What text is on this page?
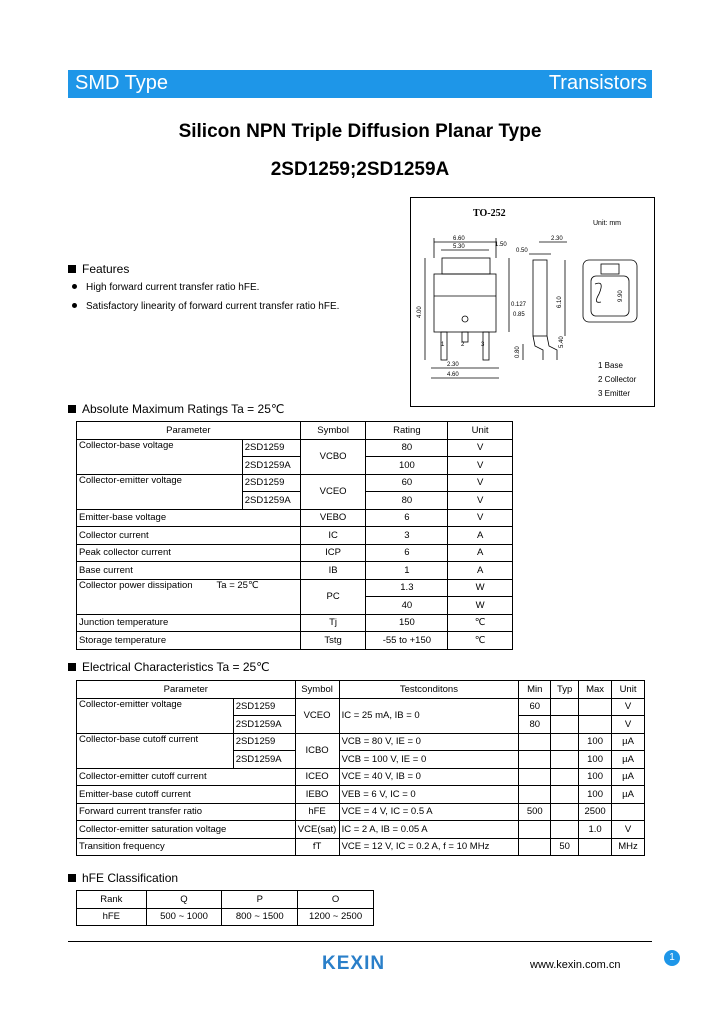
SMD Type	Transistors
Silicon NPN Triple Diffusion Planar Type
2SD1259;2SD1259A
TO-252
Unit: mm
6.60
5.30	1.50
2.30
0.50
6.10
4.00
0.127
0.85
2.30
4.60
0.80
5.40
9.90
1	2	3
1 Base
2 Collector
3 Emitter
Features
High forward current transfer ratio hFE.
Satisfactory linearity of forward current transfer ratio hFE.
Absolute Maximum Ratings Ta = 25℃
Parameter		Symbol	Rating	Unit
Collector-base voltage	2SD1259	VCBO	80	V
	2SD1259A		100	V
Collector-emitter voltage	2SD1259	VCEO	60	V
	2SD1259A		80	V
Emitter-base voltage		VEBO	6	V
Collector current		IC	3	A
Peak collector current		ICP	6	A
Base current		IB	1	A
Collector power dissipation Ta = 25℃		PC	1.3	W
			40	W
Junction temperature		Tj	150	℃
Storage temperature		Tstg	-55 to +150	℃
Electrical Characteristics Ta = 25℃
Parameter		Symbol	Testconditons	Min	Typ	Max	Unit
Collector-emitter voltage	2SD1259	VCEO	IC = 25 mA, IB = 0	60			V
	2SD1259A			80			V
Collector-base cutoff current	2SD1259	ICBO	VCB = 80 V, IE = 0			100	µA
	2SD1259A		VCB = 100 V, IE = 0			100	µA
Collector-emitter cutoff current		ICEO	VCE = 40 V, IB = 0			100	µA
Emitter-base cutoff current		IEBO	VEB = 6 V, IC = 0			100	µA
Forward current transfer ratio		hFE	VCE = 4 V, IC = 0.5 A	500		2500	
Collector-emitter saturation voltage		VCE(sat)	IC = 2 A, IB = 0.05 A			1.0	V
Transition frequency		fT	VCE = 12 V, IC = 0.2 A, f = 10 MHz		50		MHz
hFE Classification
Rank	Q	P	O
hFE	500 ~ 1000	800 ~ 1500	1200 ~ 2500
KEXIN	www.kexin.com.cn
1
